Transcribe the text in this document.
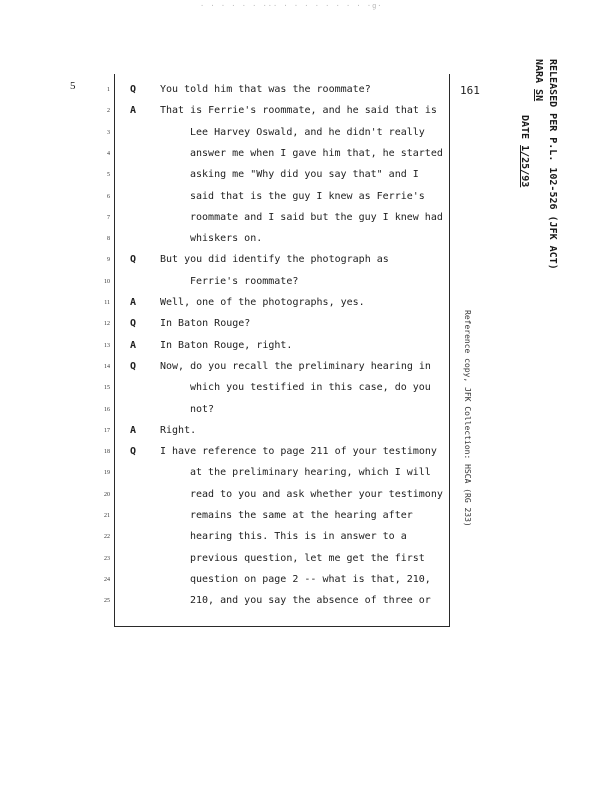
· · · · · · ··· · · · · · · · · ·g·
5	161	RELEASED PER P.L. 102-526 (JFK ACT)
NARA SN
DATE 1/25/93
Reference copy, JFK Collection: HSCA (RG 233)
1 Q You told him that was the roommate?
2 A That is Ferrie's roommate, and he said that is
3	Lee Harvey Oswald, and he didn't really
4	answer me when I gave him that, he started
5	asking me "Why did you say that" and I
6	said that is the guy I knew as Ferrie's
7	roommate and I said but the guy I knew had
8	whiskers on.
9 Q But you did identify the photograph as
10	Ferrie's roommate?
11 A Well, one of the photographs, yes.
12 Q In Baton Rouge?
13 A In Baton Rouge, right.
14 Q Now, do you recall the preliminary hearing in
15	which you testified in this case, do you
16	not?
17 A Right.
18 Q I have reference to page 211 of your testimony
19	at the preliminary hearing, which I will
20	read to you and ask whether your testimony
21	remains the same at the hearing after
22	hearing this. This is in answer to a
23	previous question, let me get the first
24	question on page 2 -- what is that, 210,
25	210, and you say the absence of three or
